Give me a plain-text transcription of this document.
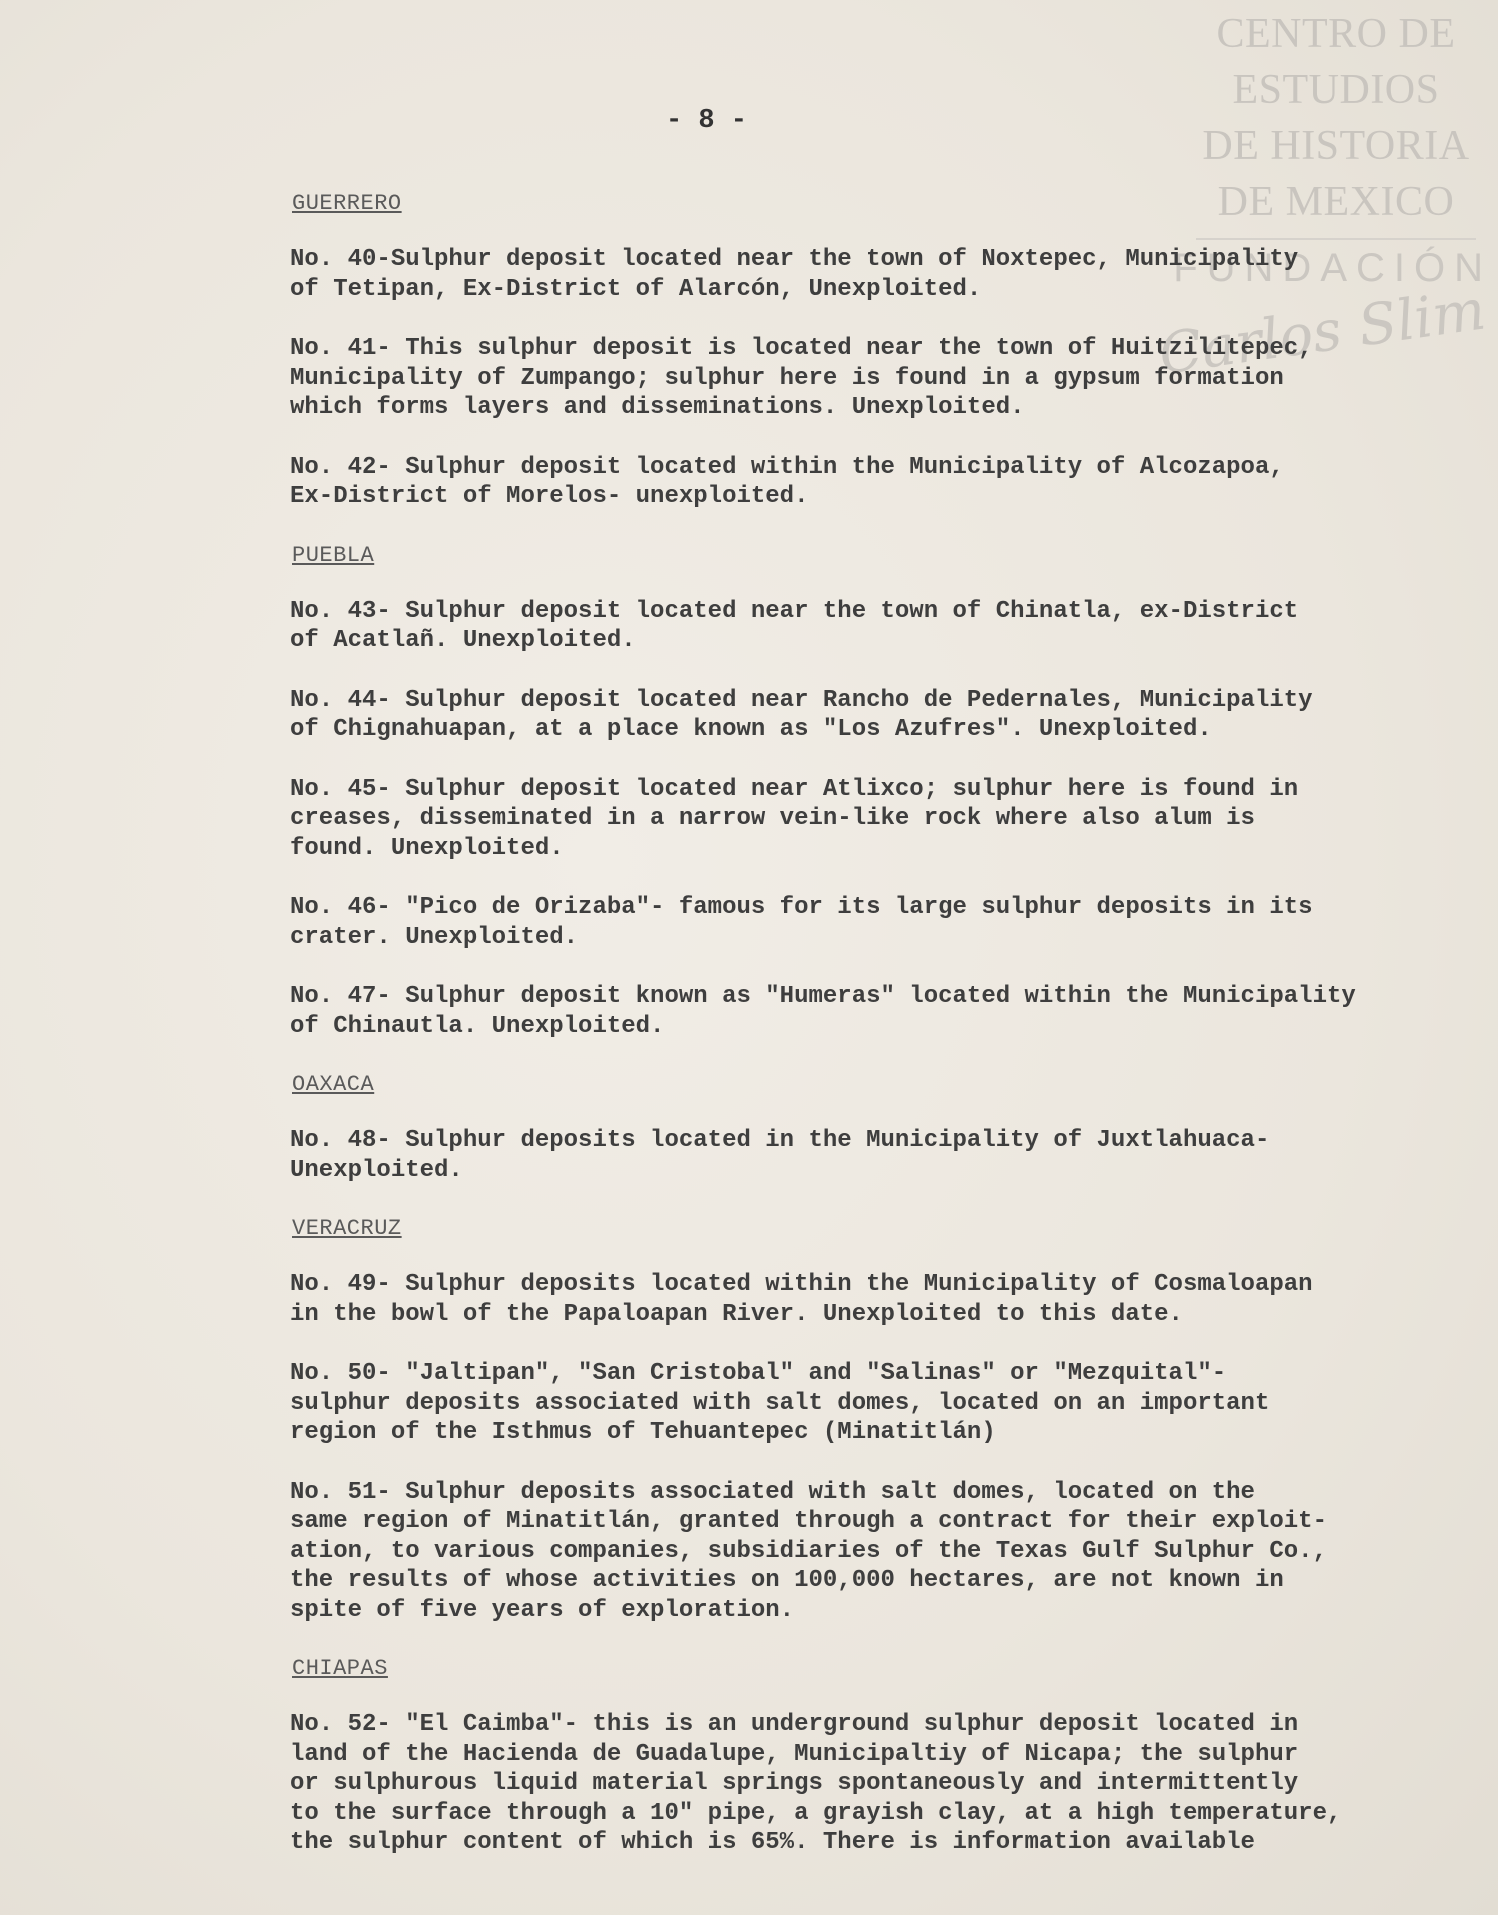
CENTRO DE
ESTUDIOS
DE HISTORIA
DE MEXICO
FUNDACIÓN
Carlos Slim
- 8 -
GUERRERO
No. 40-Sulphur deposit located near the town of Noxtepec, Municipality
of Tetipan, Ex-District of Alarcón, Unexploited.
No. 41- This sulphur deposit is located near the town of Huitzilitepec,
Municipality of Zumpango; sulphur here is found in a gypsum formation
which forms layers and disseminations. Unexploited.
No. 42- Sulphur deposit located within the Municipality of Alcozapoa,
Ex-District of Morelos- unexploited.
PUEBLA
No. 43- Sulphur deposit located near the town of Chinatla, ex-District
of Acatlañ. Unexploited.
No. 44- Sulphur deposit located near Rancho de Pedernales, Municipality
of Chignahuapan, at a place known as "Los Azufres". Unexploited.
No. 45- Sulphur deposit located near Atlixco; sulphur here is found in
creases, disseminated in a narrow vein-like rock where also alum is
found. Unexploited.
No. 46- "Pico de Orizaba"- famous for its large sulphur deposits in its
crater. Unexploited.
No. 47- Sulphur deposit known as "Humeras" located within the Municipality
of Chinautla. Unexploited.
OAXACA
No. 48- Sulphur deposits located in the Municipality of Juxtlahuaca-
Unexploited.
VERACRUZ
No. 49- Sulphur deposits located within the Municipality of Cosmaloapan
in the bowl of the Papaloapan River. Unexploited to this date.
No. 50- "Jaltipan", "San Cristobal" and "Salinas" or "Mezquital"-
sulphur deposits associated with salt domes, located on an important
region of the Isthmus of Tehuantepec (Minatitlán)
No. 51- Sulphur deposits associated with salt domes, located on the
same region of Minatitlán, granted through a contract for their exploit-
ation, to various companies, subsidiaries of the Texas Gulf Sulphur Co.,
the results of whose activities on 100,000 hectares, are not known in
spite of five years of exploration.
CHIAPAS
No. 52- "El Caimba"- this is an underground sulphur deposit located in
land of the Hacienda de Guadalupe, Municipaltiy of Nicapa; the sulphur
or sulphurous liquid material springs spontaneously and intermittently
to the surface through a 10" pipe, a grayish clay, at a high temperature,
the sulphur content of which is 65%. There is information available
